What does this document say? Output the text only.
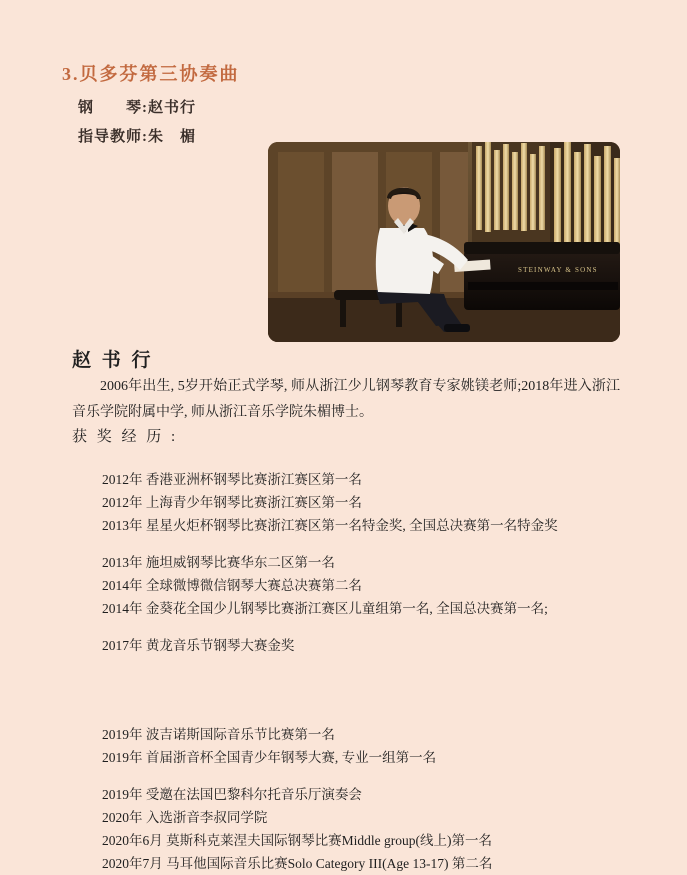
3.贝多芬第三协奏曲
钢　　琴:赵书行
指导教师:朱　楣
STEINWAY & SONS
赵 书 行
2006年出生, 5岁开始正式学琴, 师从浙江少儿钢琴教育专家姚镁老师;2018年进入浙江音乐学院附属中学, 师从浙江音乐学院朱楣博士。
获 奖 经 历 :
2012年 香港亚洲杯钢琴比赛浙江赛区第一名
2012年 上海青少年钢琴比赛浙江赛区第一名
2013年 星星火炬杯钢琴比赛浙江赛区第一名特金奖, 全国总决赛第一名特金奖
2013年 施坦威钢琴比赛华东二区第一名
2014年 全球微博微信钢琴大赛总决赛第二名
2014年 金葵花全国少儿钢琴比赛浙江赛区儿童组第一名, 全国总决赛第一名;
2017年 黄龙音乐节钢琴大赛金奖
2019年 波吉诺斯国际音乐节比赛第一名
2019年 首届浙音杯全国青少年钢琴大赛, 专业一组第一名
2019年 受邀在法国巴黎科尔托音乐厅演奏会
2020年 入选浙音李叔同学院
2020年6月 莫斯科克莱涅夫国际钢琴比赛Middle group(线上)第一名
2020年7月 马耳他国际音乐比赛Solo Category III(Age 13-17) 第二名
